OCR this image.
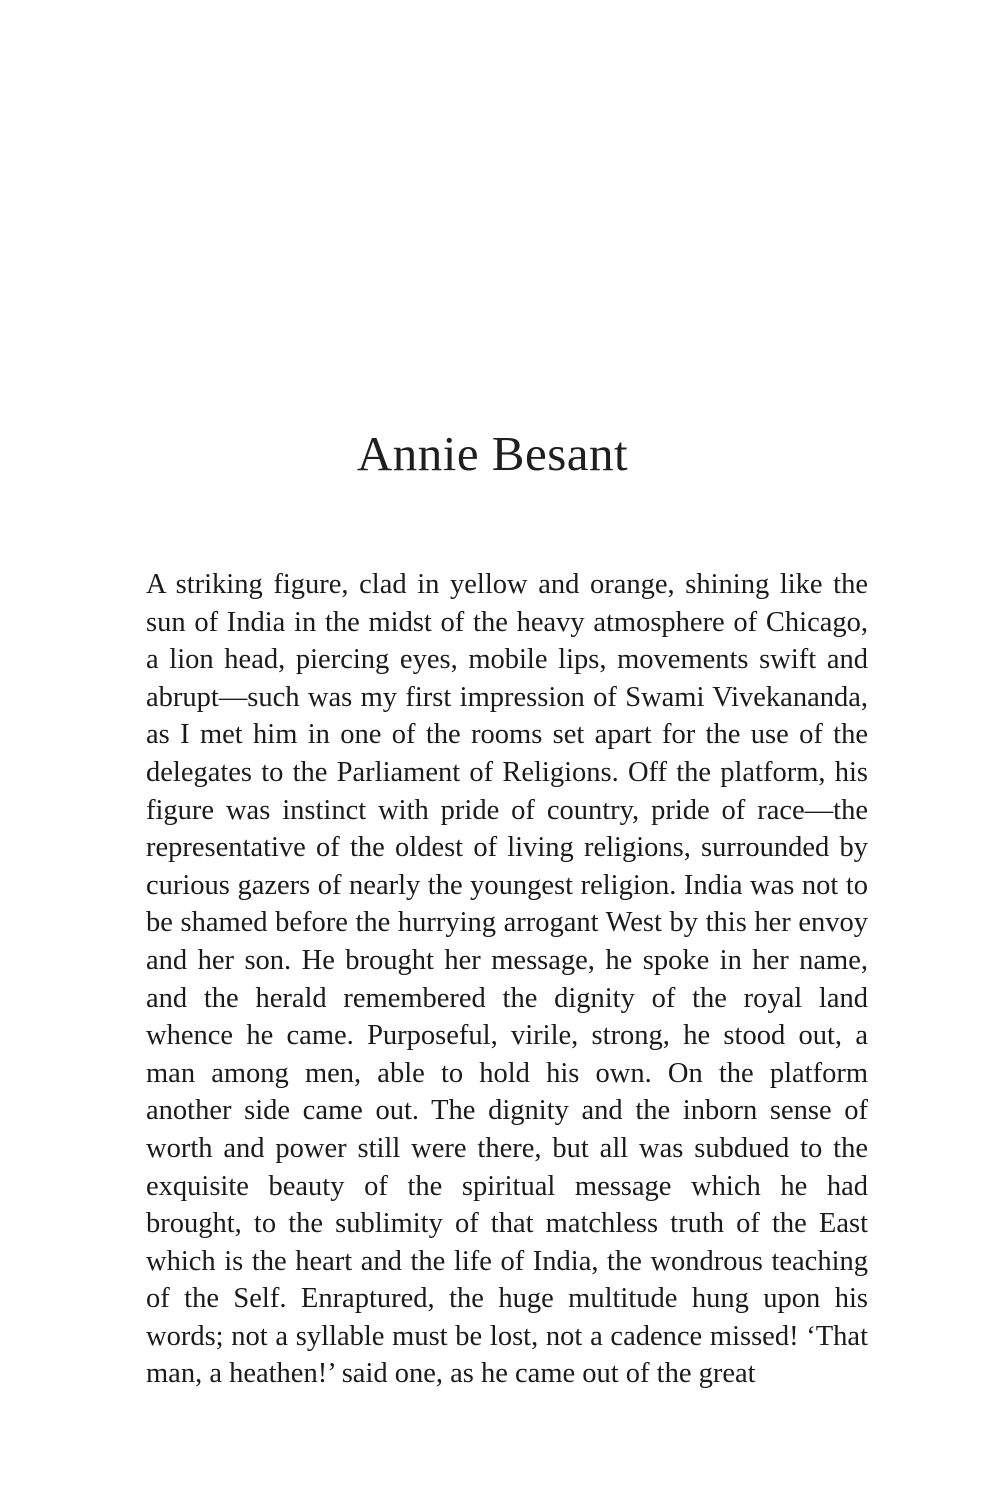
Annie Besant

A striking figure, clad in yellow and orange, shining like the sun of India in the midst of the heavy atmosphere of Chicago, a lion head, piercing eyes, mobile lips, movements swift and abrupt—such was my first impression of Swami Vivekananda, as I met him in one of the rooms set apart for the use of the delegates to the Parliament of Religions. Off the platform, his figure was instinct with pride of country, pride of race—the representative of the oldest of living religions, surrounded by curious gazers of nearly the youngest religion. India was not to be shamed before the hurrying arrogant West by this her envoy and her son. He brought her message, he spoke in her name, and the herald remembered the dignity of the royal land whence he came. Purposeful, virile, strong, he stood out, a man among men, able to hold his own. On the platform another side came out. The dignity and the inborn sense of worth and power still were there, but all was subdued to the exquisite beauty of the spiritual message which he had brought, to the sublimity of that matchless truth of the East which is the heart and the life of India, the wondrous teaching of the Self. Enraptured, the huge multitude hung upon his words; not a syllable must be lost, not a cadence missed! ‘That man, a heathen!’ said one, as he came out of the great
